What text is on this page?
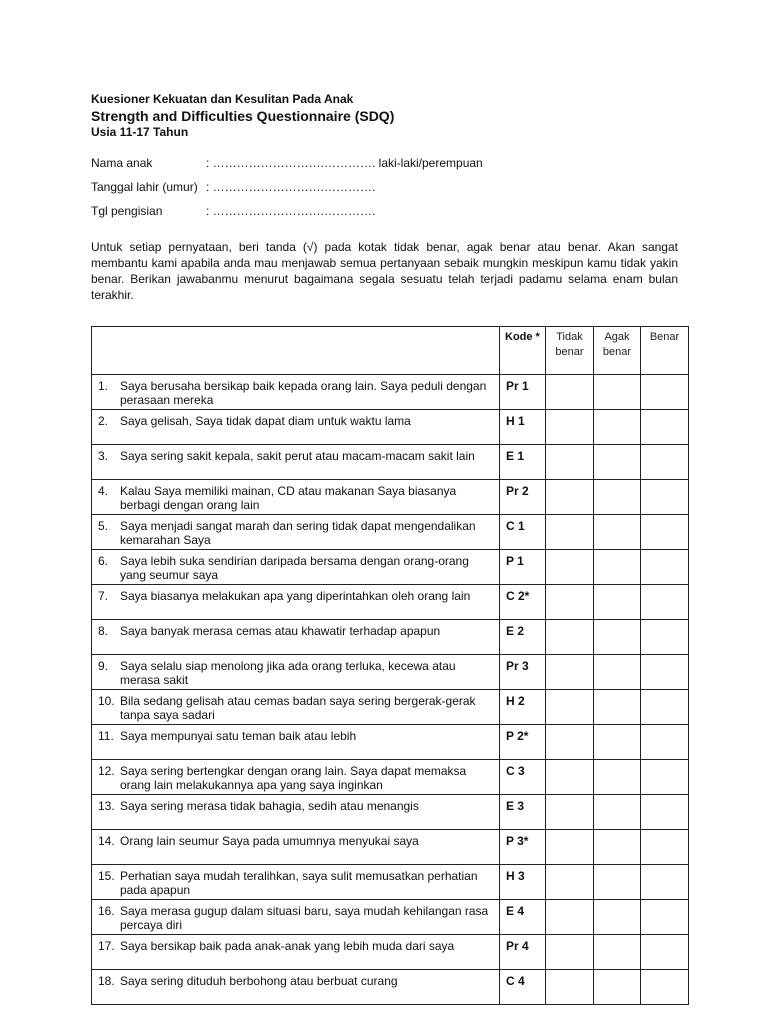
Kuesioner Kekuatan dan Kesulitan Pada Anak
Strength and Difficulties Questionnaire (SDQ)
Usia 11-17 Tahun
Nama anak	: ……………………….…………. laki-laki/perempuan
Tanggal lahir (umur) : ……………………….………….
Tgl pengisian	: ……………………….………….
Untuk setiap pernyataan, beri tanda (√) pada kotak tidak benar, agak benar atau benar. Akan sangat membantu kami apabila anda mau menjawab semua pertanyaan sebaik mungkin meskipun kamu tidak yakin benar. Berikan jawabanmu menurut bagaimana segala sesuatu telah terjadi padamu selama enam bulan terakhir.
	Kode *	Tidak benar	Agak benar	Benar

1. Saya berusaha bersikap baik kepada orang lain. Saya peduli dengan perasaan mereka	Pr 1			

2. Saya gelisah, Saya tidak dapat diam untuk waktu lama	H 1			

3. Saya sering sakit kepala, sakit perut atau macam-macam sakit lain	E 1			

4. Kalau Saya memiliki mainan, CD atau makanan Saya biasanya berbagi dengan orang lain	Pr 2			

5. Saya menjadi sangat marah dan sering tidak dapat mengendalikan kemarahan Saya	C 1			

6. Saya lebih suka sendirian daripada bersama dengan orang-orang yang seumur saya	P 1			

7. Saya biasanya melakukan apa yang diperintahkan oleh orang lain	C 2*			

8. Saya banyak merasa cemas atau khawatir terhadap apapun	E 2			

9. Saya selalu siap menolong jika ada orang terluka, kecewa atau merasa sakit	Pr 3			

10. Bila sedang gelisah atau cemas badan saya sering bergerak-gerak tanpa saya sadari	H 2			

11. Saya mempunyai satu teman baik atau lebih	P 2*			

12. Saya sering bertengkar dengan orang lain. Saya dapat memaksa orang lain melakukannya apa yang saya inginkan	C 3			

13. Saya sering merasa tidak bahagia, sedih atau menangis	E 3			

14. Orang lain seumur Saya pada umumnya menyukai saya	P 3*			

15. Perhatian saya mudah teralihkan, saya sulit memusatkan perhatian pada apapun	H 3			

16. Saya merasa gugup dalam situasi baru, saya mudah kehilangan rasa percaya diri	E 4			

17. Saya bersikap baik pada anak-anak yang lebih muda dari saya	Pr 4			

18. Saya sering dituduh berbohong atau berbuat curang	C 4			
